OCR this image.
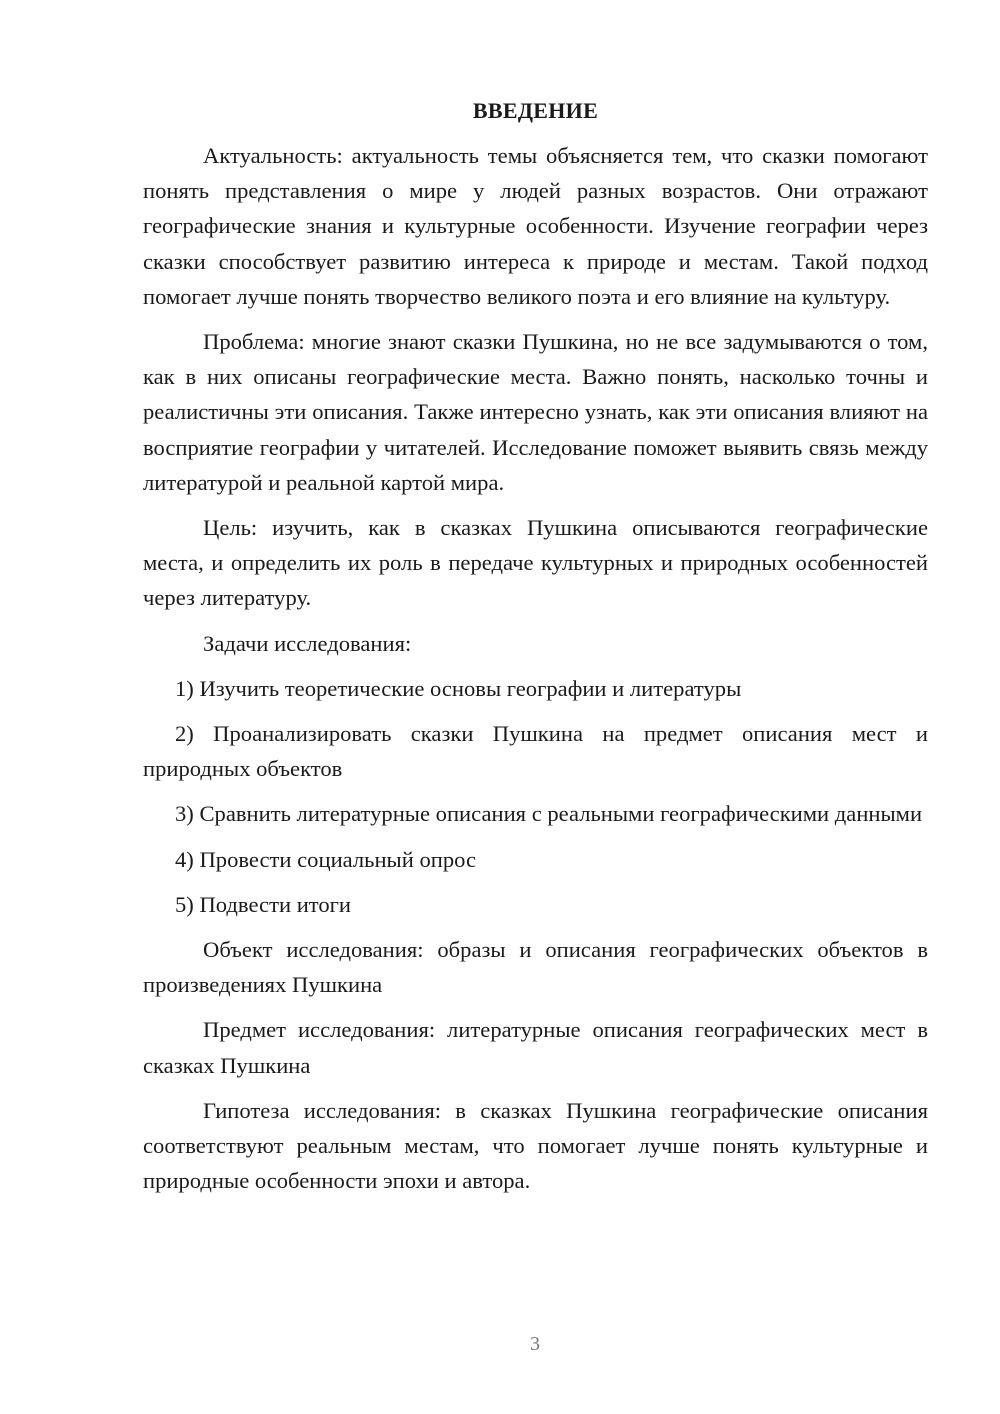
ВВЕДЕНИЕ

Актуальность: актуальность темы объясняется тем, что сказки помогают понять представления о мире у людей разных возрастов. Они отражают географические знания и культурные особенности. Изучение географии через сказки способствует развитию интереса к природе и местам. Такой подход помогает лучше понять творчество великого поэта и его влияние на культуру.

Проблема: многие знают сказки Пушкина, но не все задумываются о том, как в них описаны географические места. Важно понять, насколько точны и реалистичны эти описания. Также интересно узнать, как эти описания влияют на восприятие географии у читателей. Исследование поможет выявить связь между литературой и реальной картой мира.

Цель: изучить, как в сказках Пушкина описываются географические места, и определить их роль в передаче культурных и природных особенностей через литературу.

Задачи исследования:

1) Изучить теоретические основы географии и литературы

2) Проанализировать сказки Пушкина на предмет описания мест и природных объектов

3) Сравнить литературные описания с реальными географическими данными

4) Провести социальный опрос

5) Подвести итоги

Объект исследования: образы и описания географических объектов в произведениях Пушкина

Предмет исследования: литературные описания географических мест в сказках Пушкина

Гипотеза исследования: в сказках Пушкина географические описания соответствуют реальным местам, что помогает лучше понять культурные и природные особенности эпохи и автора.

3
